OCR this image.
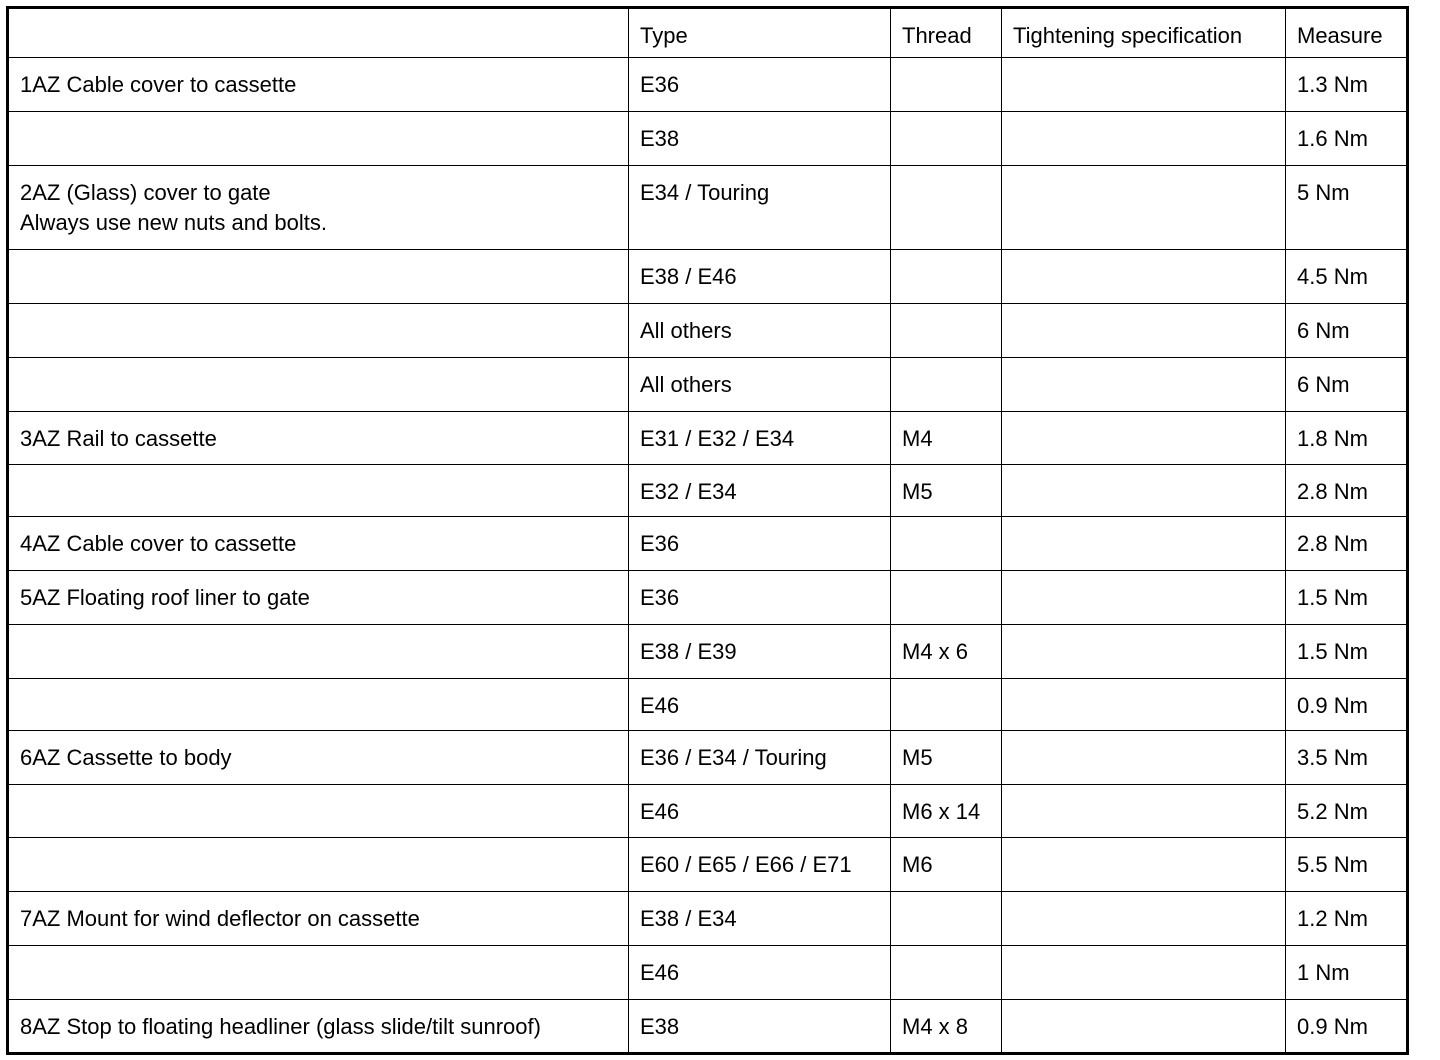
	Type	Thread	Tightening specification	Measure

1AZ Cable cover to cassette	E36			1.3 Nm
	E38			1.6 Nm

2AZ (Glass) cover to gate
Always use new nuts and bolts.	E34 / Touring			5 Nm
	E38 / E46			4.5 Nm
	All others			6 Nm
	All others			6 Nm

3AZ Rail to cassette	E31 / E32 / E34	M4		1.8 Nm
	E32 / E34	M5		2.8 Nm

4AZ Cable cover to cassette	E36			2.8 Nm

5AZ Floating roof liner to gate	E36			1.5 Nm
	E38 / E39	M4 x 6		1.5 Nm
	E46			0.9 Nm

6AZ Cassette to body	E36 / E34 / Touring	M5		3.5 Nm
	E46	M6 x 14		5.2 Nm
	E60 / E65 / E66 / E71	M6		5.5 Nm

7AZ Mount for wind deflector on cassette	E38 / E34			1.2 Nm
	E46			1 Nm

8AZ Stop to floating headliner (glass slide/tilt sunroof)	E38	M4 x 8		0.9 Nm
